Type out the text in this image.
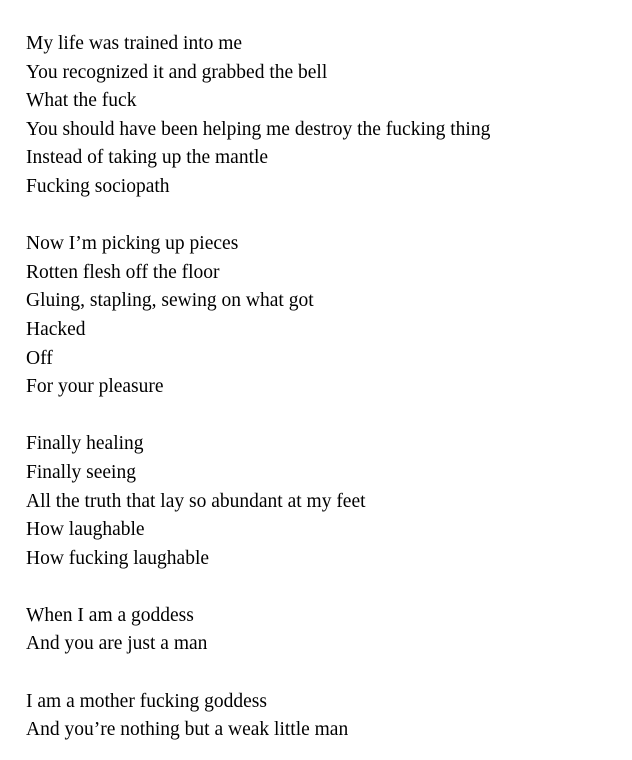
My life was trained into me
You recognized it and grabbed the bell
What the fuck
You should have been helping me destroy the fucking thing
Instead of taking up the mantle
Fucking sociopath

Now I’m picking up pieces
Rotten flesh off the floor
Gluing, stapling, sewing on what got
Hacked
Off
For your pleasure

Finally healing
Finally seeing
All the truth that lay so abundant at my feet
How laughable
How fucking laughable

When I am a goddess
And you are just a man

I am a mother fucking goddess
And you’re nothing but a weak little man
